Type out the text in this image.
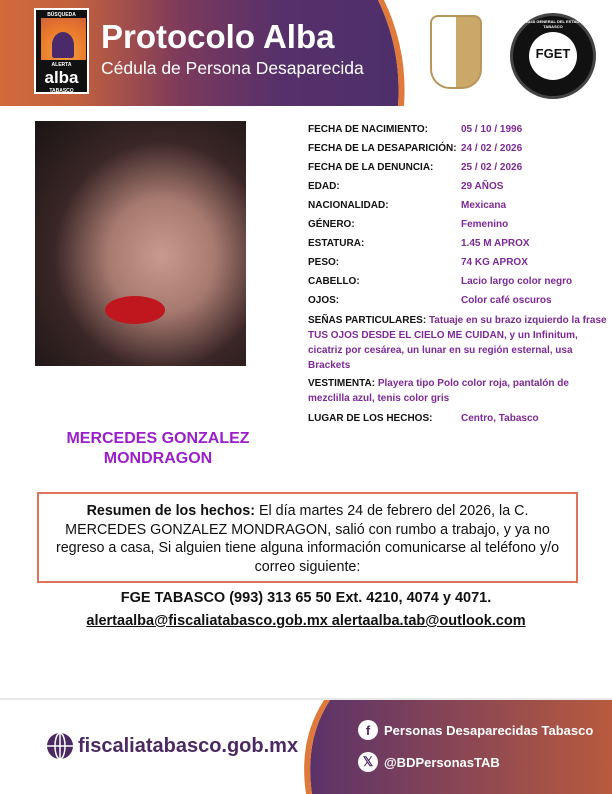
BÚSQUEDA
ALERTA
alba
TABASCO
Protocolo Alba
Cédula de Persona Desaparecida
FISCALIA GENERAL DEL ESTADO DE TABASCO
FGET
MERCEDES GONZALEZ MONDRAGON
FECHA DE NACIMIENTO:	05 / 10 / 1996
FECHA DE LA DESAPARICIÓN: 24 / 02 / 2026
FECHA DE LA DENUNCIA:	25 / 02 / 2026
EDAD:	29 AÑOS
NACIONALIDAD:	Mexicana
GÉNERO:	Femenino
ESTATURA:	1.45 M APROX
PESO:	74 KG APROX
CABELLO:	Lacio largo color negro
OJOS:	Color café oscuros
SEÑAS PARTICULARES: Tatuaje en su brazo izquierdo la frase TUS OJOS DESDE EL CIELO ME CUIDAN, y un Infinitum, cicatriz por cesárea, un lunar en su región esternal, usa Brackets
VESTIMENTA: Playera tipo Polo color roja, pantalón de mezclilla azul, tenis color gris
LUGAR DE LOS HECHOS:	Centro, Tabasco
Resumen de los hechos: El día martes 24 de febrero del 2026, la C. MERCEDES GONZALEZ MONDRAGON, salió con rumbo a trabajo, y ya no regreso a casa, Si alguien tiene alguna información comunicarse al teléfono y/o correo siguiente:
FGE TABASCO (993) 313 65 50 Ext. 4210, 4074 y 4071.
alertaalba@fiscaliatabasco.gob.mx alertaalba.tab@outlook.com
fiscaliatabasco.gob.mx
f	Personas Desaparecidas Tabasco
𝕏 @BDPersonasTAB
